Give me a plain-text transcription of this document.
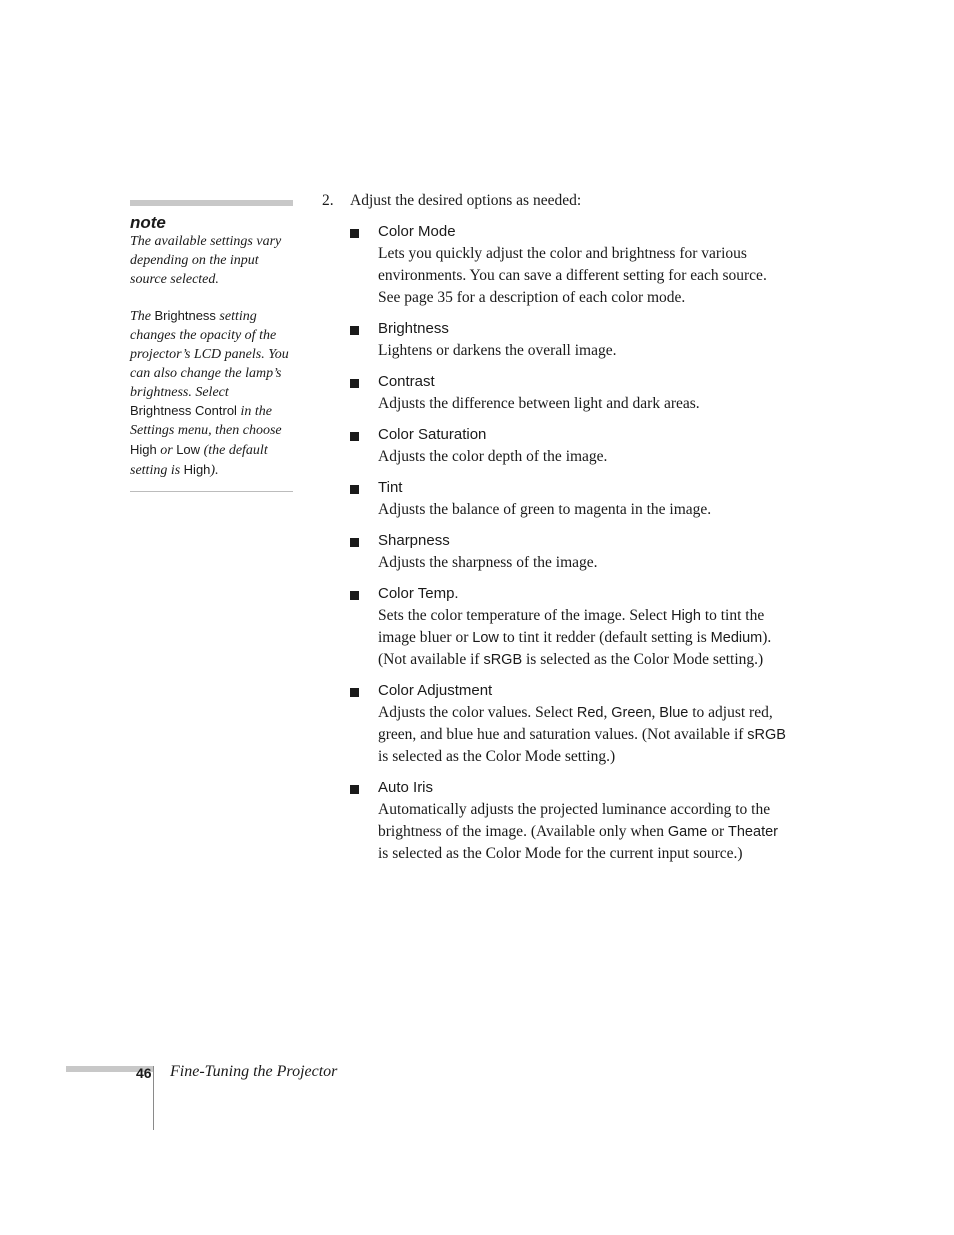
note

The available settings vary depending on the input source selected.

The Brightness setting changes the opacity of the projector’s LCD panels. You can also change the lamp’s brightness. Select Brightness Control in the Settings menu, then choose High or Low (the default setting is High).

2.	Adjust the desired options as needed:
Color Mode
Lets you quickly adjust the color and brightness for various environments. You can save a different setting for each source. See page 35 for a description of each color mode.
Brightness
Lightens or darkens the overall image.
Contrast
Adjusts the difference between light and dark areas.
Color Saturation
Adjusts the color depth of the image.
Tint
Adjusts the balance of green to magenta in the image.
Sharpness
Adjusts the sharpness of the image.
Color Temp.
Sets the color temperature of the image. Select High to tint the image bluer or Low to tint it redder (default setting is Medium). (Not available if sRGB is selected as the Color Mode setting.)
Color Adjustment
Adjusts the color values. Select Red, Green, Blue to adjust red, green, and blue hue and saturation values. (Not available if sRGB is selected as the Color Mode setting.)
Auto Iris
Automatically adjusts the projected luminance according to the brightness of the image. (Available only when Game or Theater is selected as the Color Mode for the current input source.)
46 Fine-Tuning the Projector
